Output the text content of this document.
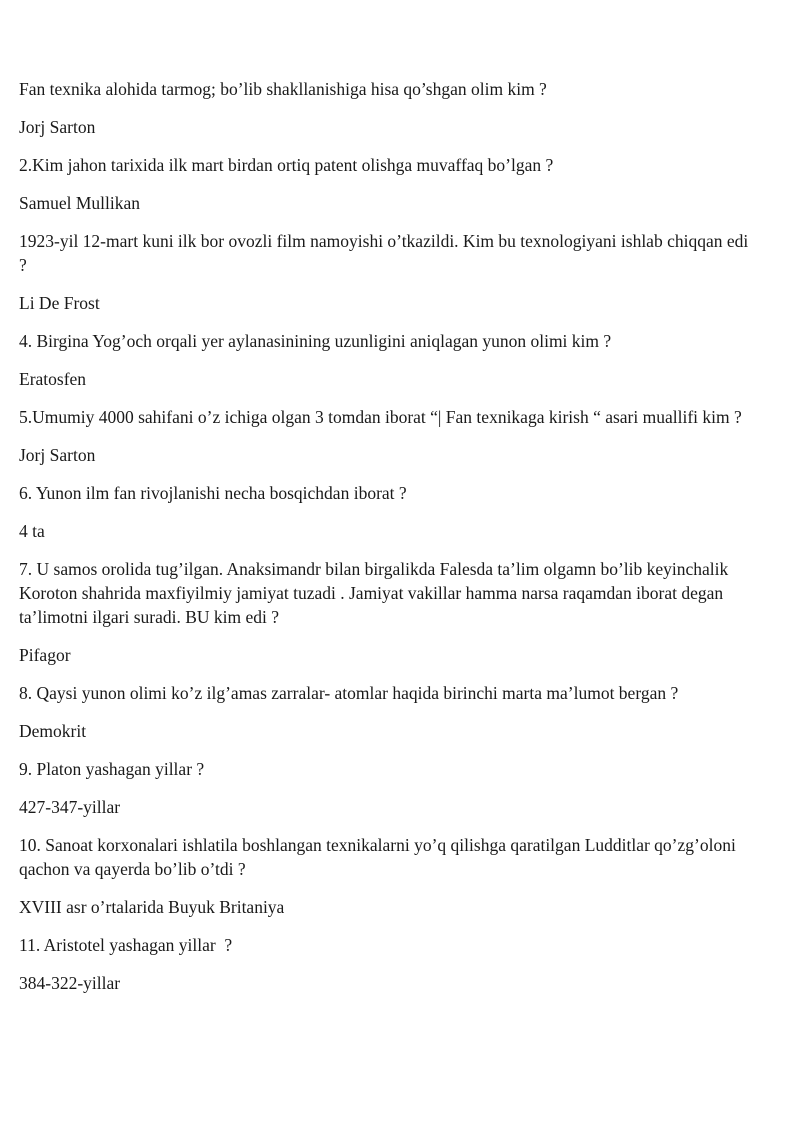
Fan texnika alohida tarmog; bo’lib shakllanishiga hisa qo’shgan olim kim ?

Jorj Sarton

2.Kim jahon tarixida ilk mart birdan ortiq patent olishga muvaffaq bo’lgan ?

Samuel Mullikan

1923-yil 12-mart kuni ilk bor ovozli film namoyishi o’tkazildi. Kim bu texnologiyani ishlab chiqqan edi ?

Li De Frost

4. Birgina Yog’och orqali yer aylanasinining uzunligini aniqlagan yunon olimi kim ?

Eratosfen

5.Umumiy 4000 sahifani o’z ichiga olgan 3 tomdan iborat “| Fan texnikaga kirish “ asari muallifi kim ?

Jorj Sarton

6. Yunon ilm fan rivojlanishi necha bosqichdan iborat ?

4 ta

7. U samos orolida tug’ilgan. Anaksimandr bilan birgalikda Falesda ta’lim olgamn bo’lib keyinchalik Koroton shahrida maxfiyilmiy jamiyat tuzadi . Jamiyat vakillar hamma narsa raqamdan iborat degan ta’limotni ilgari suradi. BU kim edi ?

Pifagor

8. Qaysi yunon olimi ko’z ilg’amas zarralar- atomlar haqida birinchi marta ma’lumot bergan ?

Demokrit

9. Platon yashagan yillar ?

427-347-yillar

10. Sanoat korxonalari ishlatila boshlangan texnikalarni yo’q qilishga qaratilgan Ludditlar qo’zg’oloni qachon va qayerda bo’lib o’tdi ?

XVIII asr o’rtalarida Buyuk Britaniya

11. Aristotel yashagan yillar  ?

384-322-yillar
